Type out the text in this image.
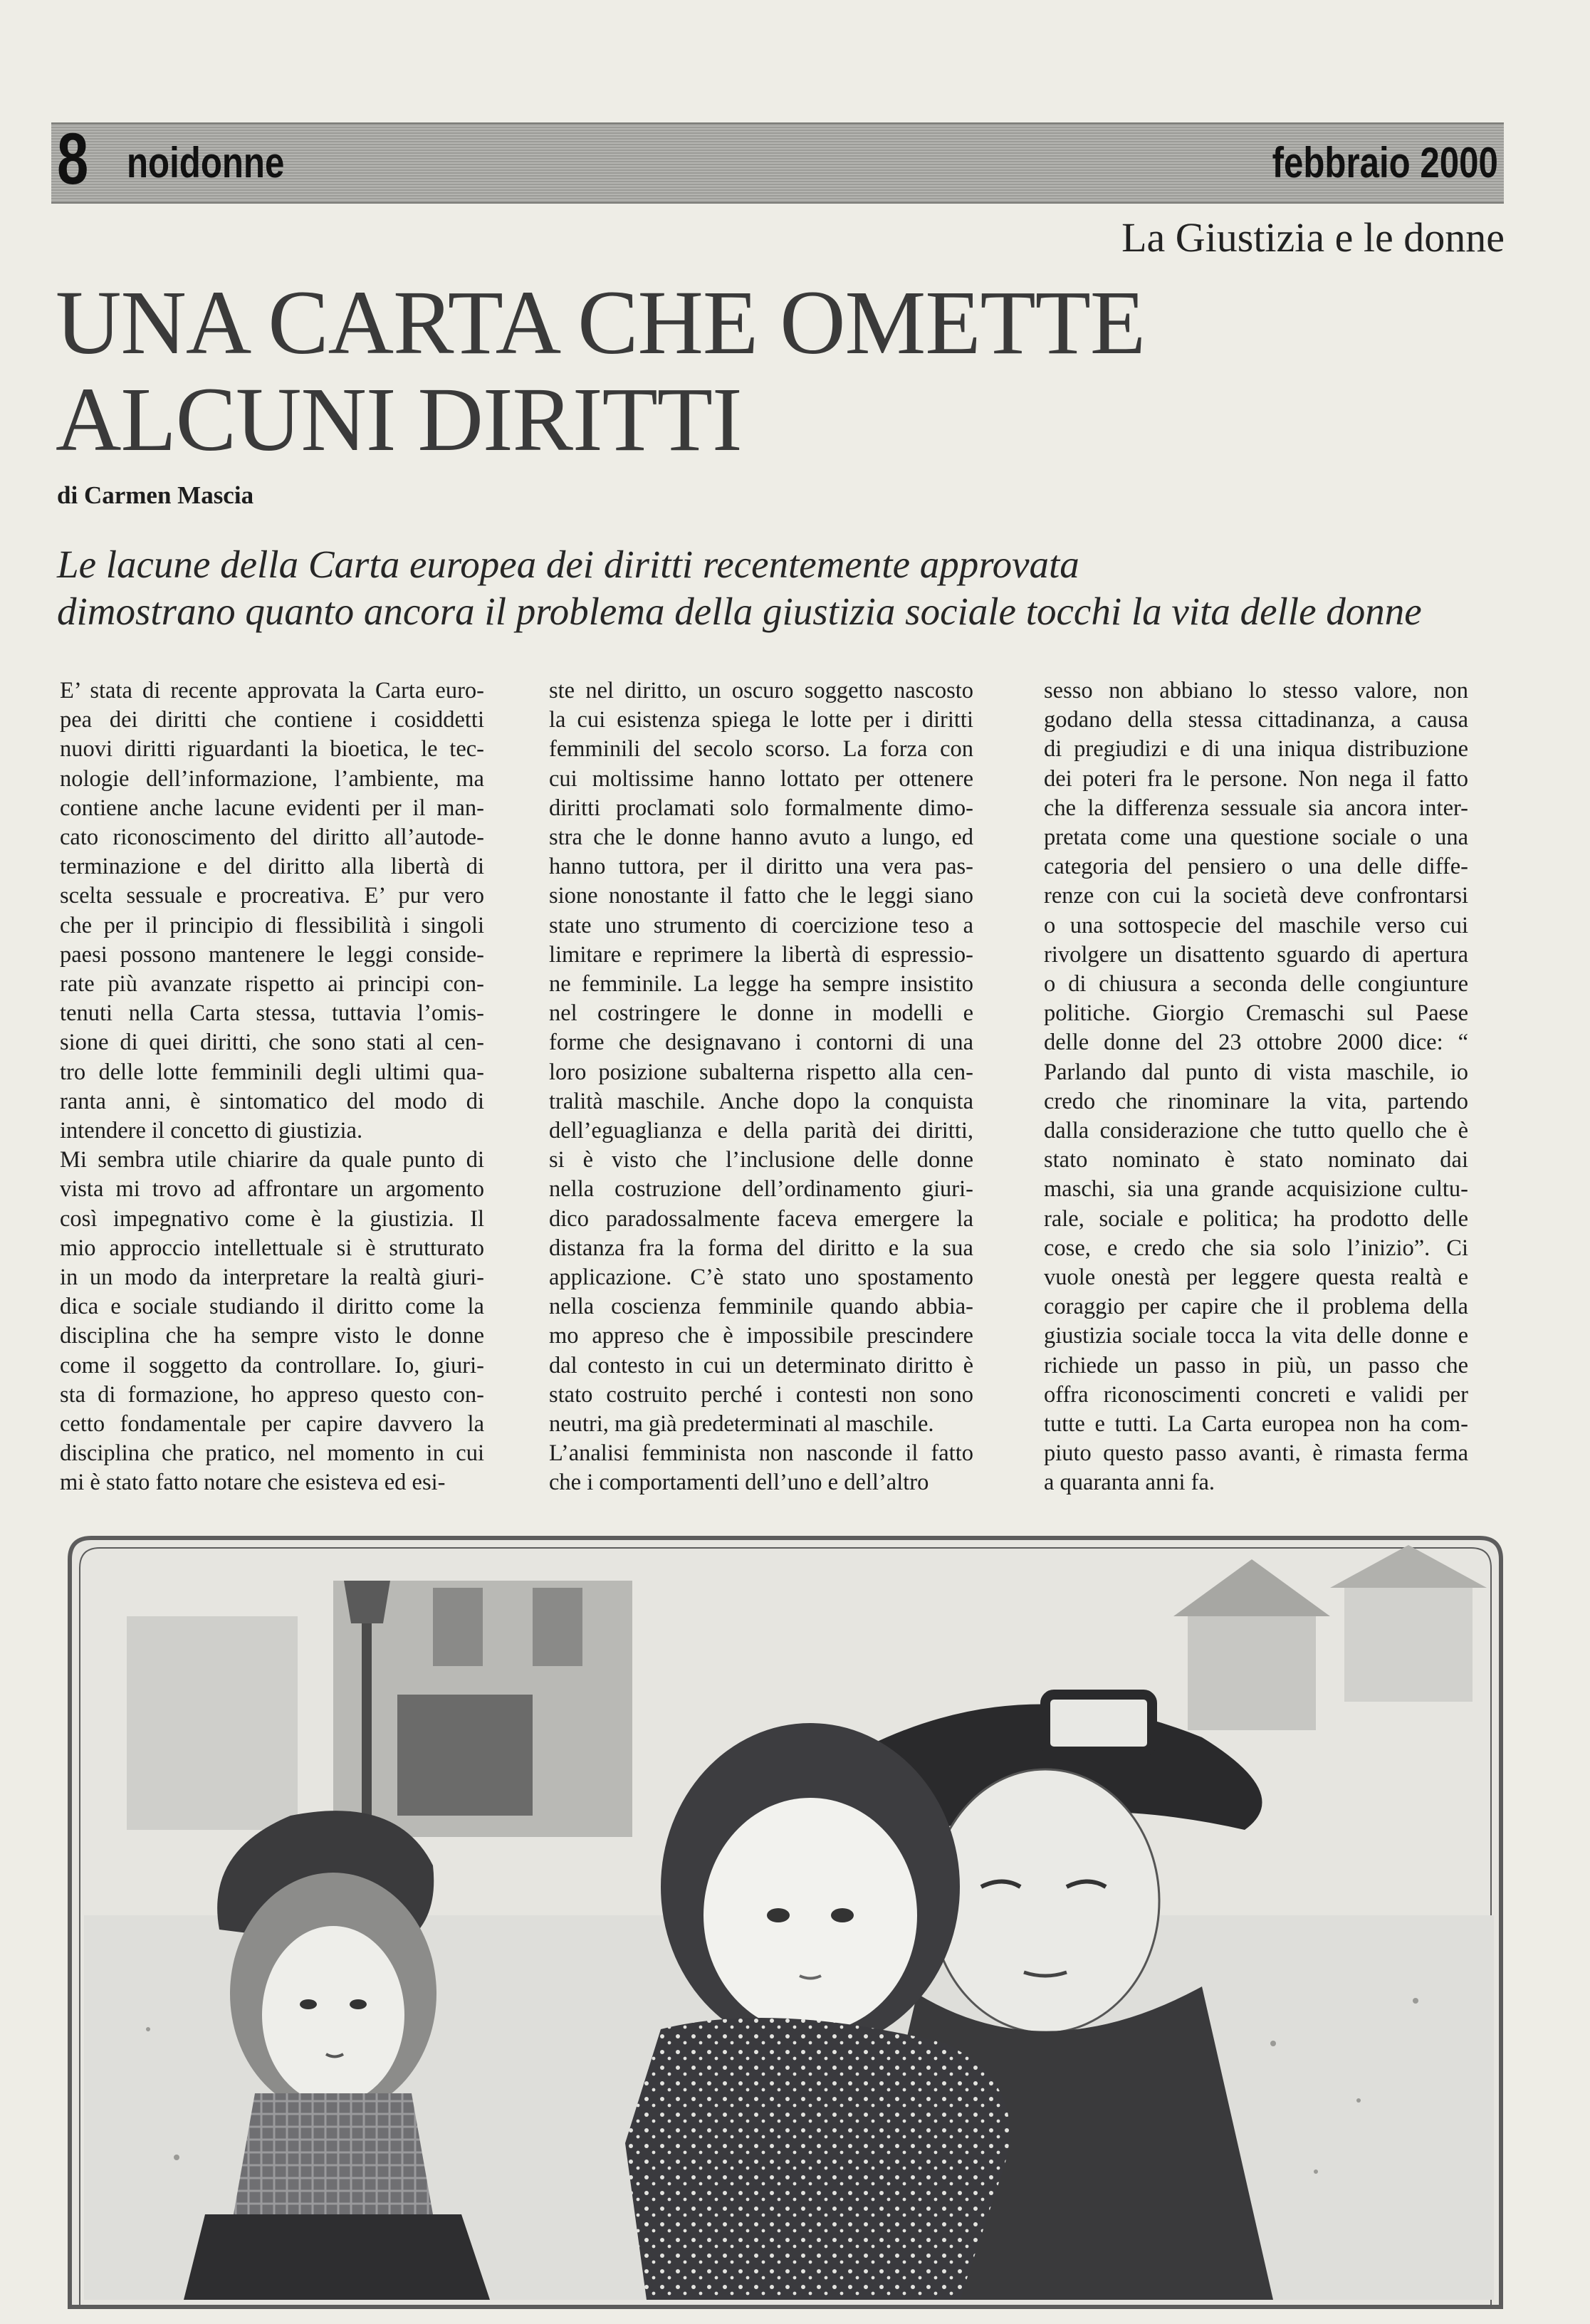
8 noidonne	febbraio 2000
La Giustizia e le donne
UNA CARTA CHE OMETTE
ALCUNI DIRITTI
di Carmen Mascia
Le lacune della Carta europea dei diritti recentemente approvata
dimostrano quanto ancora il problema della giustizia sociale tocchi la vita delle donne
E’ stata di recente approvata la Carta euro-
pea dei diritti che contiene i cosiddetti
nuovi diritti riguardanti la bioetica, le tec-
nologie dell’informazione, l’ambiente, ma
contiene anche lacune evidenti per il man-
cato riconoscimento del diritto all’autode-
terminazione e del diritto alla libertà di
scelta sessuale e procreativa. E’ pur vero
che per il principio di flessibilità i singoli
paesi possono mantenere le leggi conside-
rate più avanzate rispetto ai principi con-
tenuti nella Carta stessa, tuttavia l’omis-
sione di quei diritti, che sono stati al cen-
tro delle lotte femminili degli ultimi qua-
ranta anni, è sintomatico del modo di
intendere il concetto di giustizia.
Mi sembra utile chiarire da quale punto di
vista mi trovo ad affrontare un argomento
così impegnativo come è la giustizia. Il
mio approccio intellettuale si è strutturato
in un modo da interpretare la realtà giuri-
dica e sociale studiando il diritto come la
disciplina che ha sempre visto le donne
come il soggetto da controllare. Io, giuri-
sta di formazione, ho appreso questo con-
cetto fondamentale per capire davvero la
disciplina che pratico, nel momento in cui
mi è stato fatto notare che esisteva ed esi-
ste nel diritto, un oscuro soggetto nascosto
la cui esistenza spiega le lotte per i diritti
femminili del secolo scorso. La forza con
cui moltissime hanno lottato per ottenere
diritti proclamati solo formalmente dimo-
stra che le donne hanno avuto a lungo, ed
hanno tuttora, per il diritto una vera pas-
sione nonostante il fatto che le leggi siano
state uno strumento di coercizione teso a
limitare e reprimere la libertà di espressio-
ne femminile. La legge ha sempre insistito
nel costringere le donne in modelli e
forme che designavano i contorni di una
loro posizione subalterna rispetto alla cen-
tralità maschile. Anche dopo la conquista
dell’eguaglianza e della parità dei diritti,
si è visto che l’inclusione delle donne
nella costruzione dell’ordinamento giuri-
dico paradossalmente faceva emergere la
distanza fra la forma del diritto e la sua
applicazione. C’è stato uno spostamento
nella coscienza femminile quando abbia-
mo appreso che è impossibile prescindere
dal contesto in cui un determinato diritto è
stato costruito perché i contesti non sono
neutri, ma già predeterminati al maschile.
L’analisi femminista non nasconde il fatto
che i comportamenti dell’uno e dell’altro
sesso non abbiano lo stesso valore, non
godano della stessa cittadinanza, a causa
di pregiudizi e di una iniqua distribuzione
dei poteri fra le persone. Non nega il fatto
che la differenza sessuale sia ancora inter-
pretata come una questione sociale o una
categoria del pensiero o una delle diffe-
renze con cui la società deve confrontarsi
o una sottospecie del maschile verso cui
rivolgere un disattento sguardo di apertura
o di chiusura a seconda delle congiunture
politiche. Giorgio Cremaschi sul Paese
delle donne del 23 ottobre 2000 dice: “
Parlando dal punto di vista maschile, io
credo che rinominare la vita, partendo
dalla considerazione che tutto quello che è
stato nominato è stato nominato dai
maschi, sia una grande acquisizione cultu-
rale, sociale e politica; ha prodotto delle
cose, e credo che sia solo l’inizio”. Ci
vuole onestà per leggere questa realtà e
coraggio per capire che il problema della
giustizia sociale tocca la vita delle donne e
richiede un passo in più, un passo che
offra riconoscimenti concreti e validi per
tutte e tutti. La Carta europea non ha com-
piuto questo passo avanti, è rimasta ferma
a quaranta anni fa.
